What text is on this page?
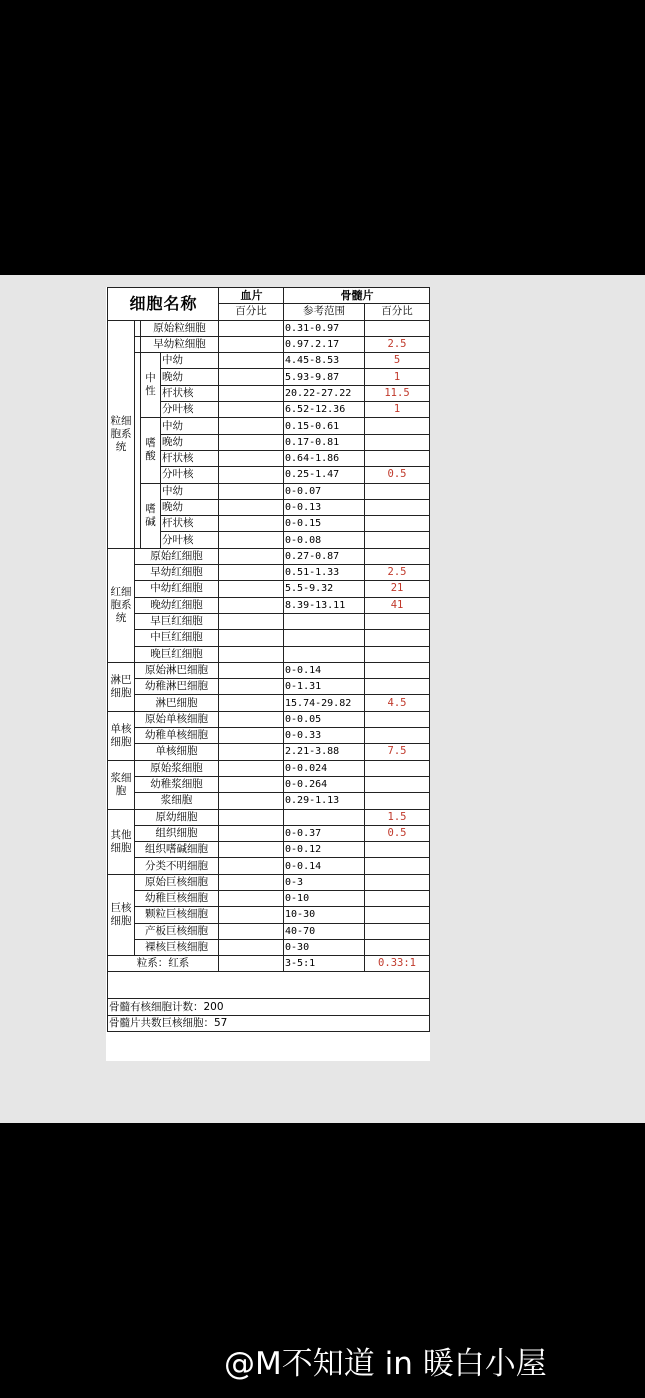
细胞名称				血片	骨髓片	
				百分比	参考范围	百分比
粒细胞系统		原始粒细胞			0.31-0.97	
		早幼粒细胞			0.97.2.17	2.5
		中性	中幼		4.45-8.53	5
			晚幼		5.93-9.87	1
			杆状核		20.22-27.22	11.5
			分叶核		6.52-12.36	1
		嗜酸	中幼		0.15-0.61	
			晚幼		0.17-0.81	
			杆状核		0.64-1.86	
			分叶核		0.25-1.47	0.5
		嗜碱	中幼		0-0.07	
			晚幼		0-0.13	
			杆状核		0-0.15	
			分叶核		0-0.08	
红细胞系统	原始红细胞				0.27-0.87	
	早幼红细胞				0.51-1.33	2.5
	中幼红细胞				5.5-9.32	21
	晚幼红细胞				8.39-13.11	41
	早巨红细胞					
	中巨红细胞					
	晚巨红细胞					
淋巴细胞	原始淋巴细胞				0-0.14	
	幼稚淋巴细胞				0-1.31	
	淋巴细胞				15.74-29.82	4.5
单核细胞	原始单核细胞				0-0.05	
	幼稚单核细胞				0-0.33	
	单核细胞				2.21-3.88	7.5
浆细胞	原始浆细胞				0-0.024	
	幼稚浆细胞				0-0.264	
	浆细胞				0.29-1.13	
其他细胞	原幼细胞					1.5
	组织细胞				0-0.37	0.5
	组织嗜碱细胞				0-0.12	
	分类不明细胞				0-0.14	
巨核细胞	原始巨核细胞				0-3	
	幼稚巨核细胞				0-10	
	颗粒巨核细胞				10-30	
	产板巨核细胞				40-70	
	裸核巨核细胞				0-30	
粒系：红系					3-5:1	0.33:1

骨髓有核细胞计数：200						
骨髓片共数巨核细胞：57						
@M不知道 in 暖白小屋
